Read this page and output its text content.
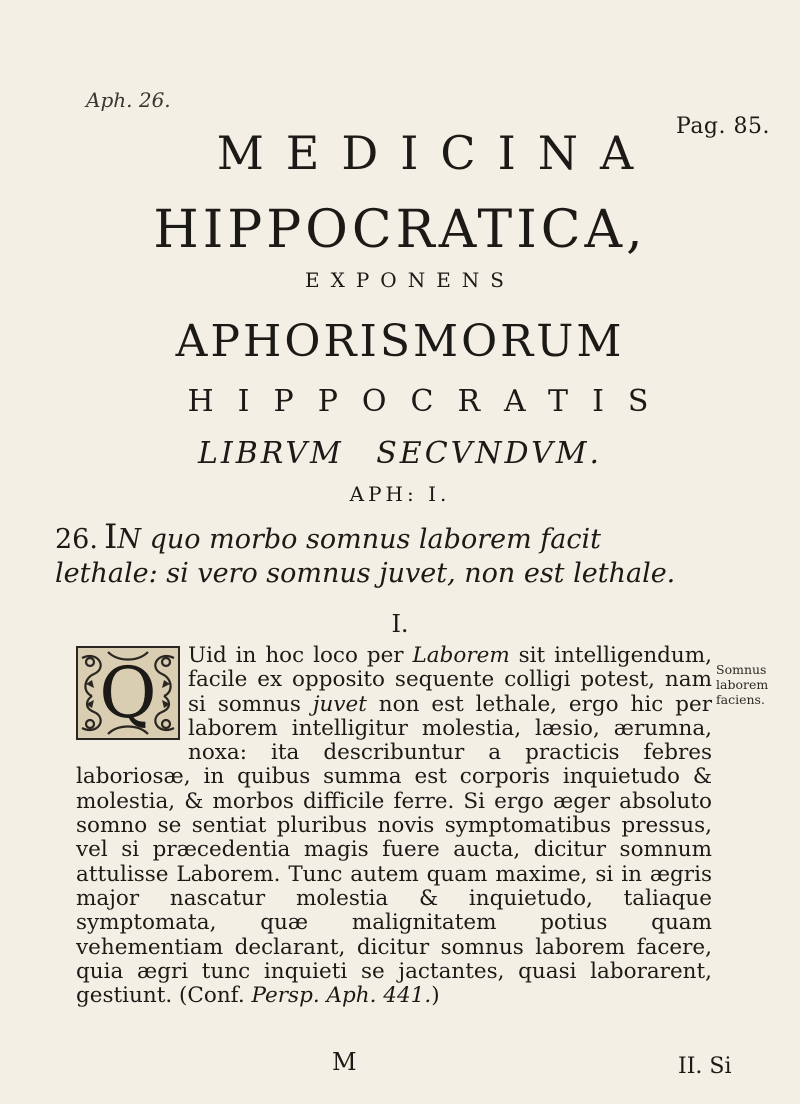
Aph. 26.
Pag. 85.
MEDICINA
HIPPOCRATICA,
EXPONENS
APHORISMORUM
HIPPOCRATIS
LIBRVM SECVNDVM.
APH: I.
26. IN quo morbo somnus laborem facit lethale: si vero somnus juvet, non est lethale.
I.

Uid in hoc loco per Laborem sit intelligendum, facile ex opposito sequente colligi potest, nam si somnus juvet non est lethale, ergo hic per laborem intelligitur molestia, læsio, ærumna, noxa: ita describuntur a practicis febres laboriosæ, in quibus summa est corporis inquietudo & molestia, & morbos difficile ferre. Si ergo æger absoluto somno se sentiat pluribus novis symptomatibus pressus, vel si præcedentia magis fuere aucta, dicitur somnum attulisse Laborem. Tunc autem quam maxime, si in ægris major nascatur molestia & inquietudo, taliaque symptomata, quæ malignitatem potius quam vehementiam declarant, dicitur somnus laborem facere, quia ægri tunc inquieti se jactantes, quasi laborarent, gestiunt. (Conf. Persp. Aph. 441.)

Q	Somnus
laborem
faciens.
M	II. Si
